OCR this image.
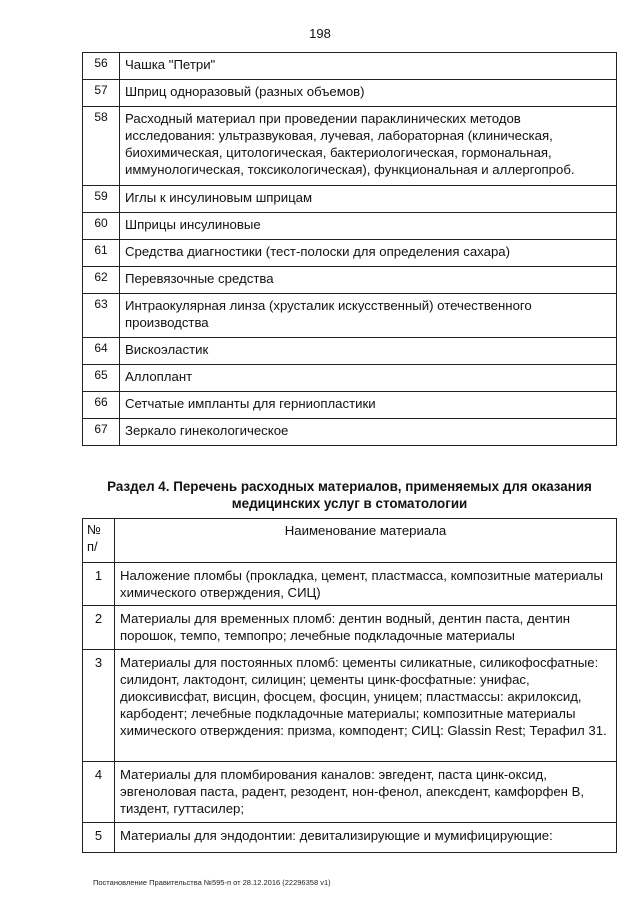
198
56	Чашка "Петри"
57	Шприц одноразовый (разных объемов)
58	Расходный материал при проведении параклинических методов исследования: ультразвуковая, лучевая, лабораторная (клиническая, биохимическая, цитологическая, бактериологическая, гормональная, иммунологическая, токсикологическая), функциональная и аллергопроб.
59	Иглы к инсулиновым шприцам
60	Шприцы инсулиновые
61	Средства диагностики (тест-полоски для определения сахара)
62	Перевязочные средства
63	Интраокулярная линза (хрусталик искусственный) отечественного производства
64	Вискоэластик
65	Аллоплант
66	Сетчатые импланты для герниопластики
67	Зеркало гинекологическое
Раздел 4. Перечень расходных материалов, применяемых для оказания медицинских услуг в стоматологии
№ п/	Наименование материала
1	Наложение пломбы (прокладка, цемент, пластмасса, композитные материалы химического отверждения, СИЦ)
2	Материалы для временных пломб: дентин водный, дентин паста, дентин порошок, темпо, темпопро; лечебные подкладочные материалы
3	Материалы для постоянных пломб: цементы силикатные, силикофосфатные: силидонт, лактодонт, силицин; цементы цинк-фосфатные: унифас, диоксивисфат, висцин, фосцем, фосцин, уницем; пластмассы: акрилоксид, карбодент; лечебные подкладочные материалы; композитные материалы химического отверждения: призма, комподент; СИЦ: Glassin Rest; Терафил 31.
4	Материалы для пломбирования каналов: эвгедент, паста цинк-оксид, эвгеноловая паста, радент, резодент, нон-фенол, апексдент, камфорфен В, тиздент, гуттасилер;
5	Материалы для эндодонтии: девитализирующие и мумифицирующие:
Постановление Правительства №595-п от 28.12.2016 (22296358 v1)
